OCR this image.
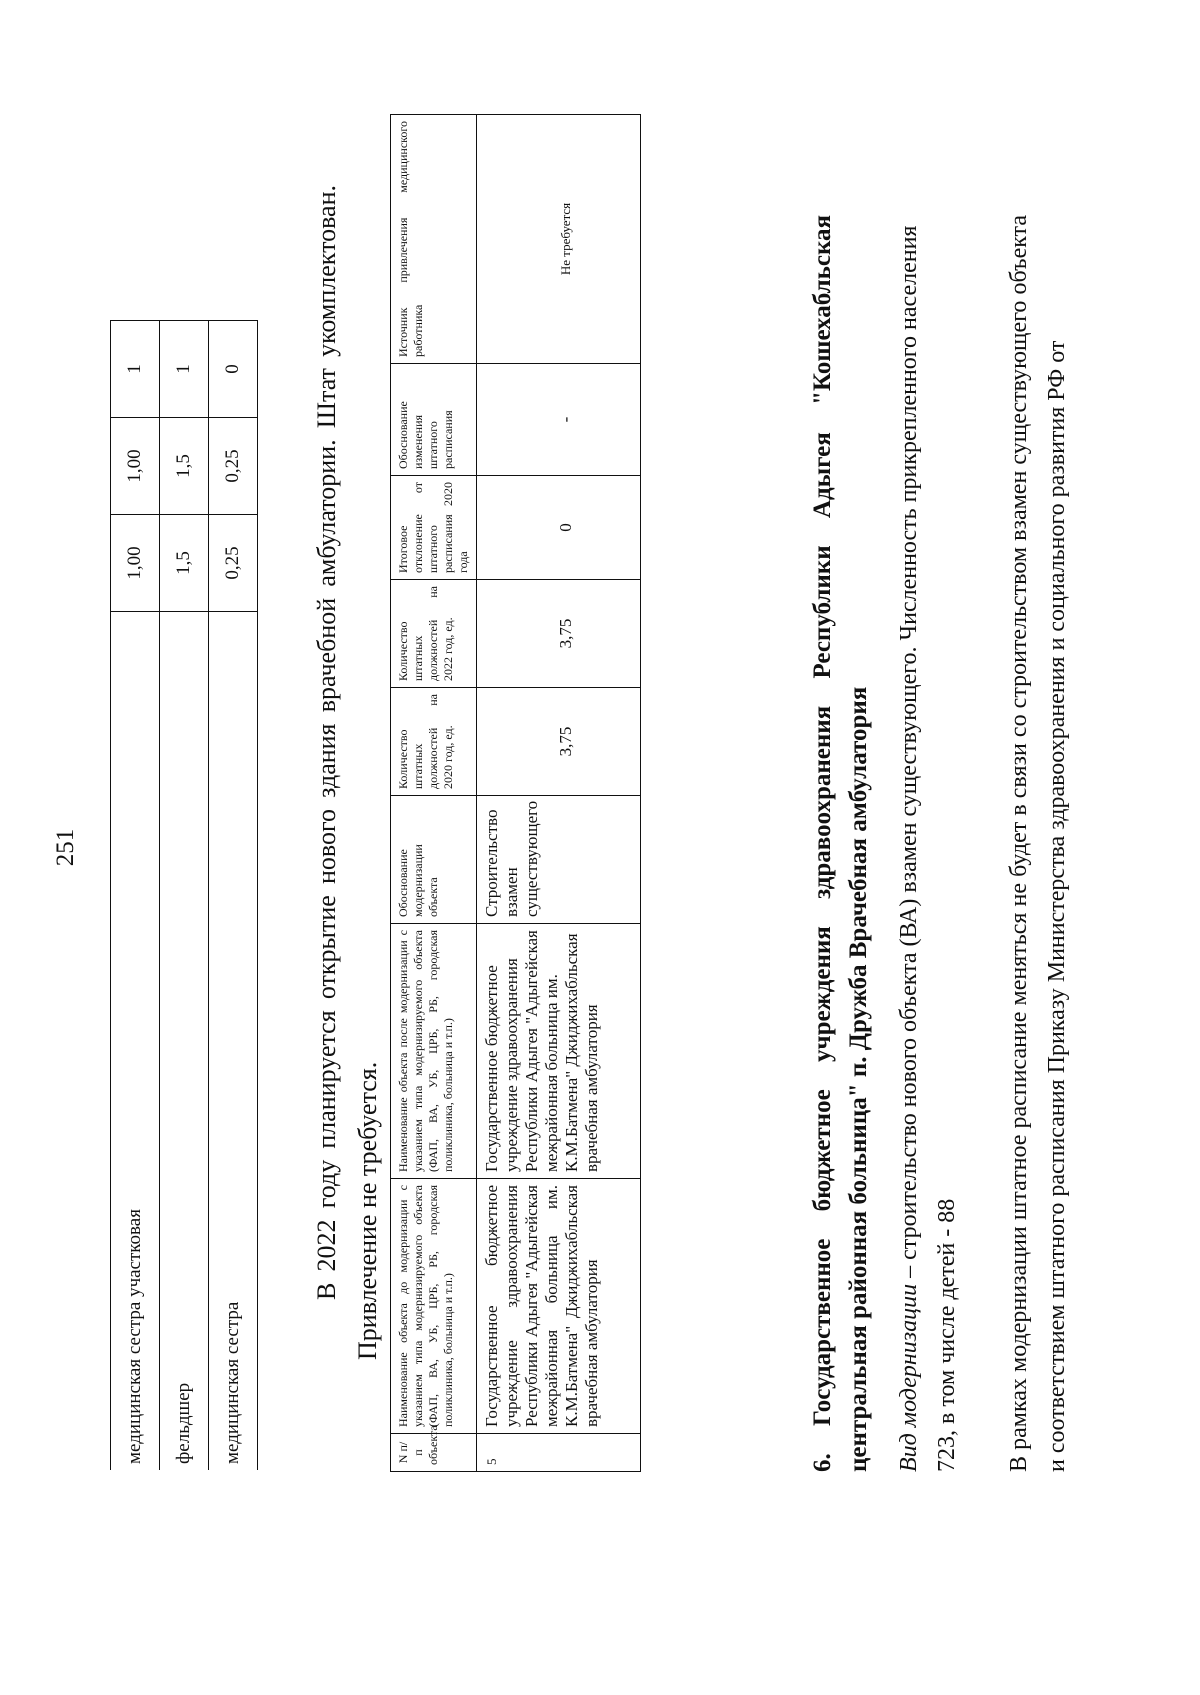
251
медицинская сестра участковая	1,00	1,00	1
фельдшер	1,5	1,5	1
медицинская сестра	0,25	0,25	0	В 2022 году планируется открытие нового здания врачебной амбулатории. Штат укомплектован. Привлечение не требуется.

N п/п объекта	Наименование объекта до модернизации с указанием типа модернизируемого объекта (ФАП, ВА, УБ, ЦРБ, РБ, городская поликлиника, больница и т.п.)	Наименование объекта после модернизации с указанием типа модернизируемого объекта (ФАП, ВА, УБ, ЦРБ, РБ, городская поликлиника, больница и т.п.)	Обоснование модернизации объекта	Количество штатных должностей на 2020 год, ед.	Количество штатных должностей на 2022 год, ед.	Итоговое отклонение от штатного расписания 2020 года	Обоснование изменения штатного расписания	Источник привлечения медицинского работника
5	Государственное бюджетное учреждение здравоохранения Республики Адыгея "Адыгейская межрайонная больница им. К.М.Батмена" Джиджихабльская врачебная амбулатория	Государственное бюджетное учреждение здравоохранения Республики Адыгея "Адыгейская межрайонная больница им. К.М.Батмена" Джиджихабльская врачебная амбулатория	Строительство взамен существующего	3,75	3,75	0	-	Не требуется	6. Государственное бюджетное учреждения здравоохранения Республики Адыгея "Кошехабльская центральная районная больница" п. Дружба Врачебная амбулатория Вид модернизации – строительство нового объекта (ВА) взамен существующего. Численность прикрепленного населения 723, в том числе детей - 88 В рамках модернизации штатное расписание меняться не будет в связи со строительством взамен существующего объекта и соответствием штатного расписания Приказу Министерства здравоохранения и социального развития РФ от
